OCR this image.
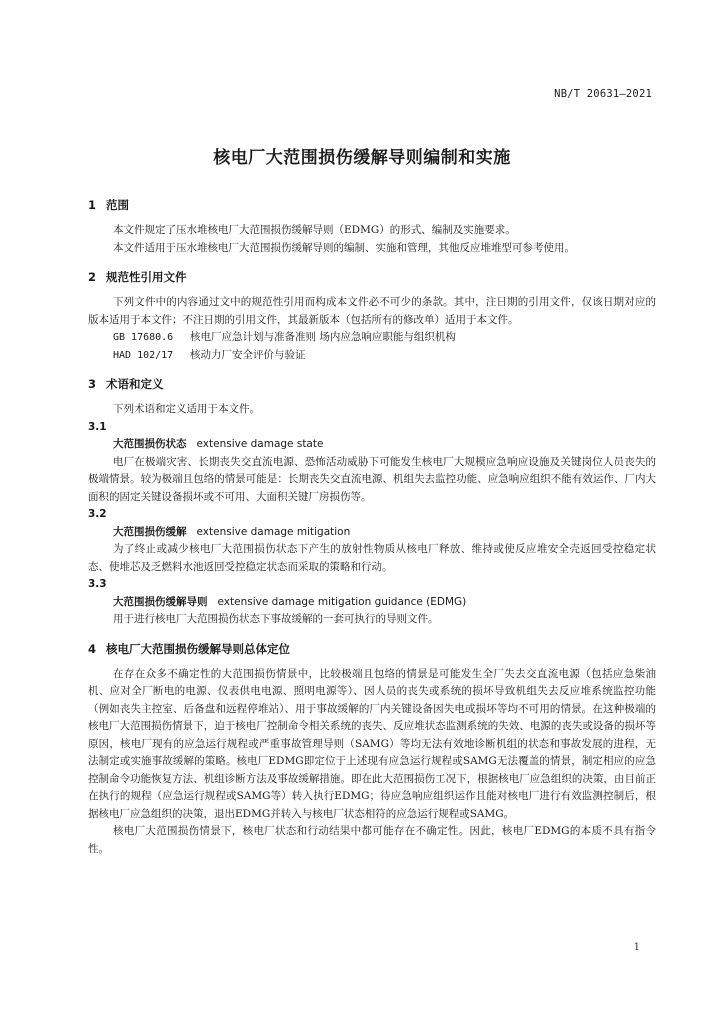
NB/T 20631—2021
核电厂大范围损伤缓解导则编制和实施

1 范围

本文件规定了压水堆核电厂大范围损伤缓解导则（EDMG）的形式、编制及实施要求。

本文件适用于压水堆核电厂大范围损伤缓解导则的编制、实施和管理，其他反应堆堆型可参考使用。

2 规范性引用文件

下列文件中的内容通过文中的规范性引用而构成本文件必不可少的条款。其中，注日期的引用文件，仅该日期对应的版本适用于本文件；不注日期的引用文件，其最新版本（包括所有的修改单）适用于本文件。

GB 17680.6 核电厂应急计划与准备准则 场内应急响应职能与组织机构

HAD 102/17 核动力厂安全评价与验证

3 术语和定义

下列术语和定义适用于本文件。

3.1

大范围损伤状态 extensive damage state

电厂在极端灾害、长期丧失交直流电源、恐怖活动威胁下可能发生核电厂大规模应急响应设施及关键岗位人员丧失的极端情景。较为极端且包络的情景可能是：长期丧失交直流电源、机组失去监控功能、应急响应组织不能有效运作、厂内大面积的固定关键设备损坏或不可用、大面积关键厂房损伤等。

3.2

大范围损伤缓解 extensive damage mitigation

为了终止或减少核电厂大范围损伤状态下产生的放射性物质从核电厂释放、维持或使反应堆安全壳返回受控稳定状态、使堆芯及乏燃料水池返回受控稳定状态而采取的策略和行动。

3.3

大范围损伤缓解导则 extensive damage mitigation guidance (EDMG)

用于进行核电厂大范围损伤状态下事故缓解的一套可执行的导则文件。

4 核电厂大范围损伤缓解导则总体定位

在存在众多不确定性的大范围损伤情景中，比较极端且包络的情景是可能发生全厂失去交直流电源（包括应急柴油机、应对全厂断电的电源、仪表供电电源、照明电源等）、因人员的丧失或系统的损坏导致机组失去反应堆系统监控功能（例如丧失主控室、后备盘和远程停堆站）、用于事故缓解的厂内关键设备因失电或损坏等均不可用的情景。在这种极端的核电厂大范围损伤情景下，迫于核电厂控制命令相关系统的丧失、反应堆状态监测系统的失效、电源的丧失或设备的损坏等原因，核电厂现有的应急运行规程或严重事故管理导则（SAMG）等均无法有效地诊断机组的状态和事故发展的进程，无法制定或实施事故缓解的策略。核电厂EDMG即定位于上述现有应急运行规程或SAMG无法覆盖的情景，制定相应的应急控制命令功能恢复方法、机组诊断方法及事故缓解措施。即在此大范围损伤工况下，根据核电厂应急组织的决策，由目前正在执行的规程（应急运行规程或SAMG等）转入执行EDMG；待应急响应组织运作且能对核电厂进行有效监测控制后，根据核电厂应急组织的决策，退出EDMG并转入与核电厂状态相符的应急运行规程或SAMG。

核电厂大范围损伤情景下，核电厂状态和行动结果中都可能存在不确定性。因此，核电厂EDMG的本质不具有指令性。

1
